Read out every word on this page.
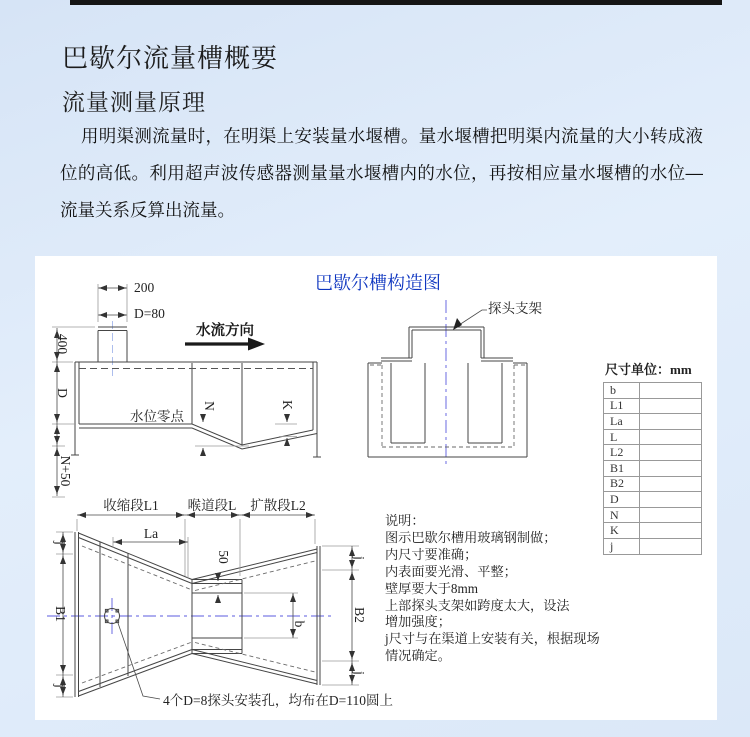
巴歇尔流量槽概要
流量测量原理
用明渠测流量时，在明渠上安装量水堰槽。量水堰槽把明渠内流量的大小转成液位的高低。利用超声波传感器测量量水堰槽内的水位，再按相应量水堰槽的水位—流量关系反算出流量。
200
D=80
水流方向
水位零点
400
D
N+50
N	K
探头支架
收缩段L1 喉道段L 扩散段L2
La
50
b
j
B1
j
j
B2
j
4个D=8探头安装孔，均布在D=110圆上
巴歇尔槽构造图
尺寸单位：mm
b	
L1	
La	
L	
L2	
B1	
B2	
D	
N	
K	
j	
说明：
图示巴歇尔槽用玻璃钢制做；
内尺寸要准确；
内表面要光滑、平整；
壁厚要大于8mm
上部探头支架如跨度太大，设法
增加强度；
j尺寸与在渠道上安装有关，根据现场
情况确定。
